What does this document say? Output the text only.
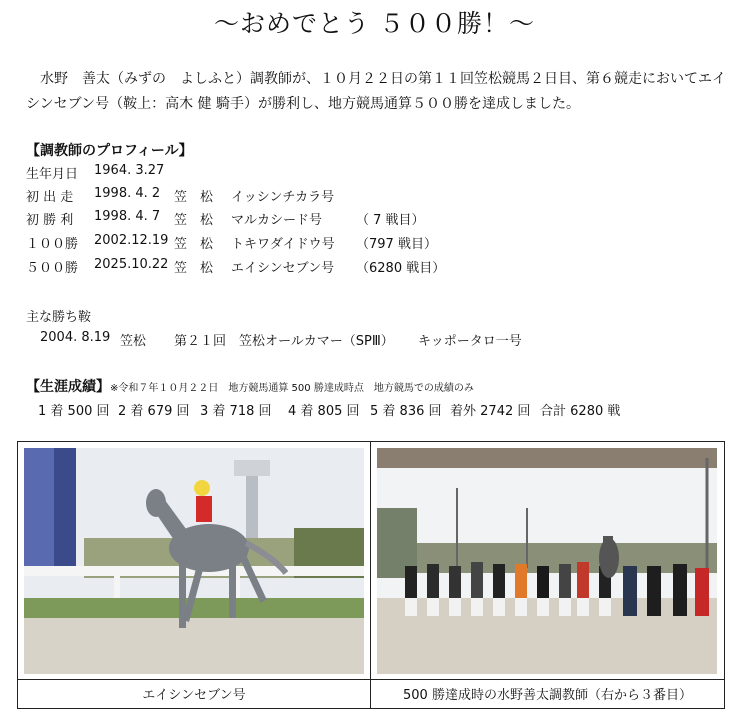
～おめでとう ５００勝！～
水野　善太（みずの　よしふと）調教師が、１０月２２日の第１１回笠松競馬２日目、第６競走においてエイシンセブン号（鞍上：高木 健 騎手）が勝利し、地方競馬通算５００勝を達成しました。
【調教師のプロフィール】
生年月日 1964. 3.27
初 出 走 1998. 4. 2 笠　松 イッシンチカラ号
初 勝 利 1998. 4. 7 笠　松 マルカシード号	（ 7 戦目）
１００勝 2002.12.19 笠　松 トキワダイドウ号 （797 戦目）
５００勝 2025.10.22 笠　松 エイシンセブン号 （6280 戦目）
主な勝ち鞍
2004. 8.19 笠松 第２１回　笠松オールカマー（SPⅢ） キッポータロ一号
【生涯成績】※令和７年１０月２２日　地方競馬通算 500 勝達成時点　地方競馬での成績のみ
1 着 500 回 2 着 679 回 3 着 718 回 4 着 805 回 5 着 836 回 着外 2742 回 合計 6280 戦
エイシンセブン号	500 勝達成時の水野善太調教師（右から３番目）
